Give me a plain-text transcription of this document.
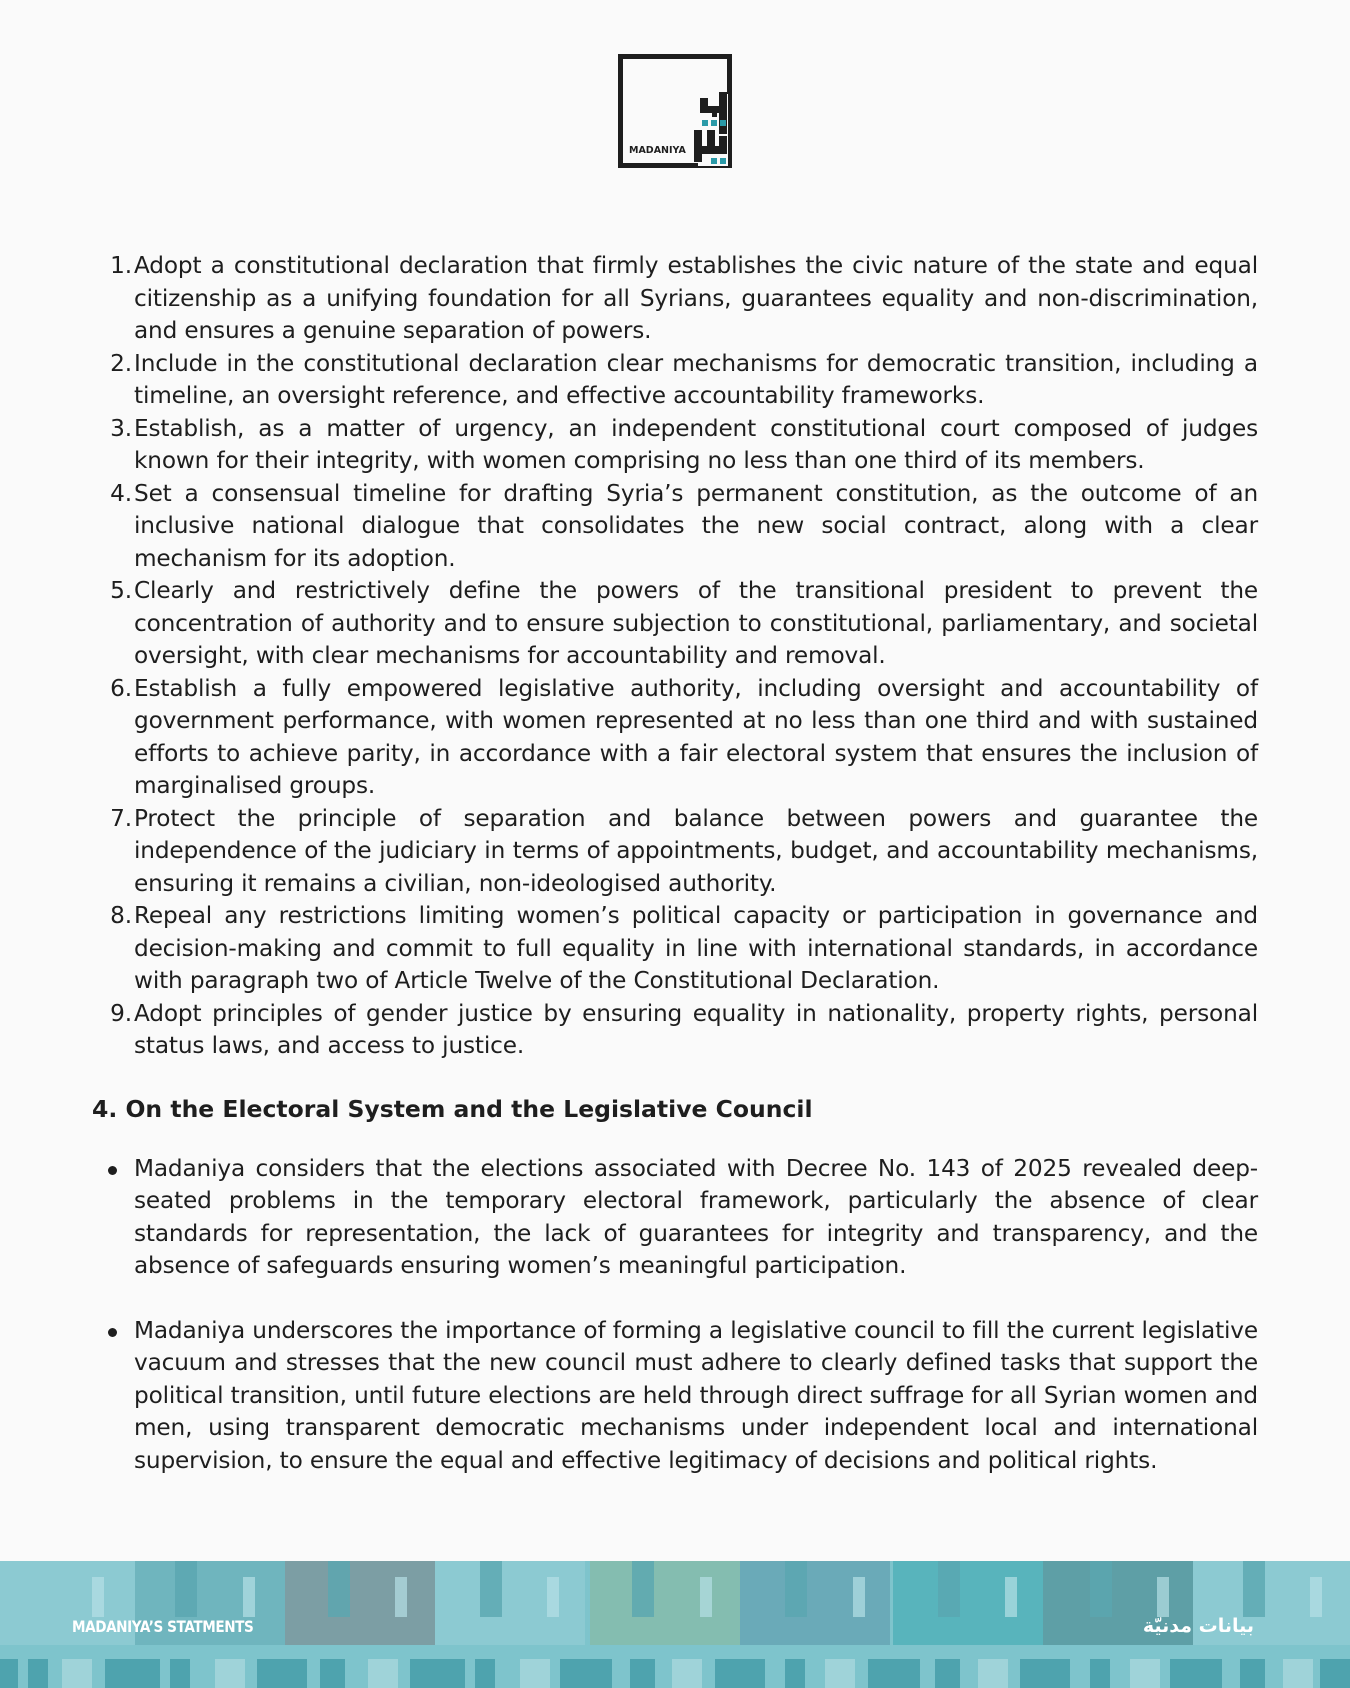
MADANIYA
1. Adopt a constitutional declaration that firmly establishes the civic nature of the state and equal citizenship as a unifying foundation for all Syrians, guarantees equality and non-discrimination, and ensures a genuine separation of powers.
2. Include in the constitutional declaration clear mechanisms for democratic transition, including a timeline, an oversight reference, and effective accountability frameworks.
3. Establish, as a matter of urgency, an independent constitutional court composed of judges known for their integrity, with women comprising no less than one third of its members.
4. Set a consensual timeline for drafting Syria’s permanent constitution, as the outcome of an inclusive national dialogue that consolidates the new social contract, along with a clear mechanism for its adoption.
5. Clearly and restrictively define the powers of the transitional president to prevent the concentration of authority and to ensure subjection to constitutional, parliamentary, and societal oversight, with clear mechanisms for accountability and removal.
6. Establish a fully empowered legislative authority, including oversight and accountability of government performance, with women represented at no less than one third and with sustained efforts to achieve parity, in accordance with a fair electoral system that ensures the inclusion of marginalised groups.
7. Protect the principle of separation and balance between powers and guarantee the independence of the judiciary in terms of appointments, budget, and accountability mechanisms, ensuring it remains a civilian, non-ideologised authority.
8. Repeal any restrictions limiting women’s political capacity or participation in governance and decision-making and commit to full equality in line with international standards, in accordance with paragraph two of Article Twelve of the Constitutional Declaration.
9. Adopt principles of gender justice by ensuring equality in nationality, property rights, personal status laws, and access to justice.
4. On the Electoral System and the Legislative Council
Madaniya considers that the elections associated with Decree No. 143 of 2025 revealed deep-seated problems in the temporary electoral framework, particularly the absence of clear standards for representation, the lack of guarantees for integrity and transparency, and the absence of safeguards ensuring women’s meaningful participation.
Madaniya underscores the importance of forming a legislative council to fill the current legislative vacuum and stresses that the new council must adhere to clearly defined tasks that support the political transition, until future elections are held through direct suffrage for all Syrian women and men, using transparent democratic mechanisms under independent local and international supervision, to ensure the equal and effective legitimacy of decisions and political rights.
MADANIYA’S STATMENTS	بيانات مدنيّة
